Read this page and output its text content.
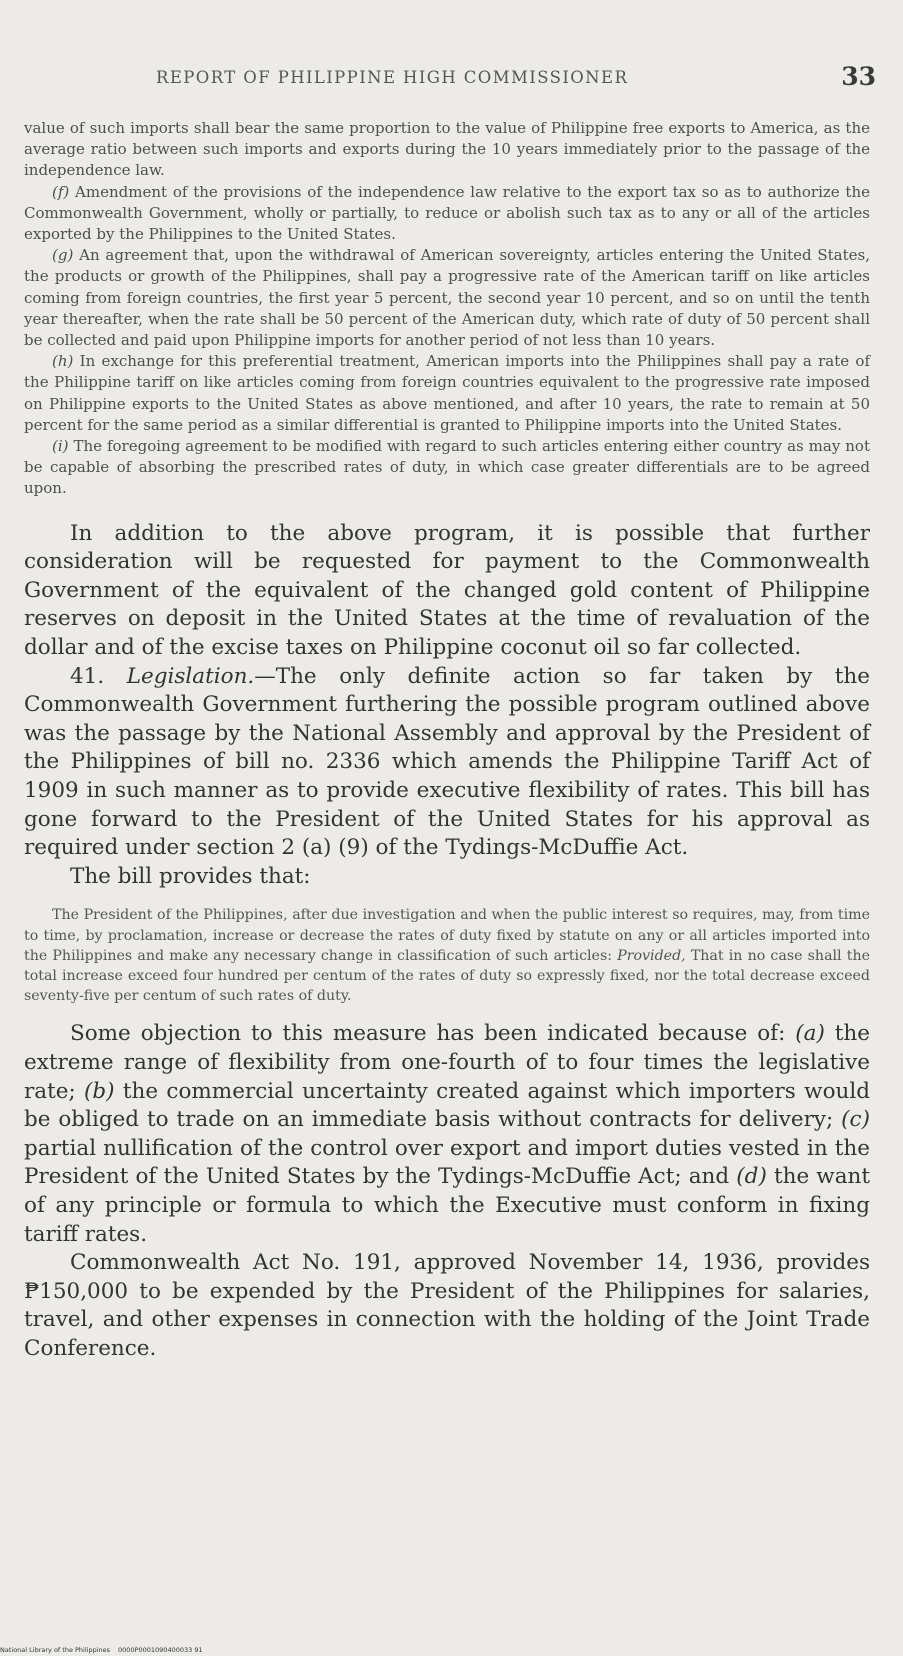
REPORT OF PHILIPPINE HIGH COMMISSIONER	33

value of such imports shall bear the same proportion to the value of Philippine free exports to America, as the average ratio between such imports and exports during the 10 years immediately prior to the passage of the independence law.

(f) Amendment of the provisions of the independence law relative to the export tax so as to authorize the Commonwealth Government, wholly or partially, to reduce or abolish such tax as to any or all of the articles exported by the Philippines to the United States.

(g) An agreement that, upon the withdrawal of American sovereignty, articles entering the United States, the products or growth of the Philippines, shall pay a progressive rate of the American tariff on like articles coming from foreign countries, the first year 5 percent, the second year 10 percent, and so on until the tenth year thereafter, when the rate shall be 50 percent of the American duty, which rate of duty of 50 percent shall be collected and paid upon Philippine imports for another period of not less than 10 years.

(h) In exchange for this preferential treatment, American imports into the Philippines shall pay a rate of the Philippine tariff on like articles coming from foreign countries equivalent to the progressive rate imposed on Philippine exports to the United States as above mentioned, and after 10 years, the rate to remain at 50 percent for the same period as a similar differential is granted to Philippine imports into the United States.

(i) The foregoing agreement to be modified with regard to such articles entering either country as may not be capable of absorbing the prescribed rates of duty, in which case greater differentials are to be agreed upon.

In addition to the above program, it is possible that further consideration will be requested for payment to the Commonwealth Government of the equivalent of the changed gold content of Philippine reserves on deposit in the United States at the time of revaluation of the dollar and of the excise taxes on Philippine coconut oil so far collected.

41. Legislation.—The only definite action so far taken by the Commonwealth Government furthering the possible program outlined above was the passage by the National Assembly and approval by the President of the Philippines of bill no. 2336 which amends the Philippine Tariff Act of 1909 in such manner as to provide executive flexibility of rates. This bill has gone forward to the President of the United States for his approval as required under section 2 (a) (9) of the Tydings-McDuffie Act.

The bill provides that:

The President of the Philippines, after due investigation and when the public interest so requires, may, from time to time, by proclamation, increase or decrease the rates of duty fixed by statute on any or all articles imported into the Philippines and make any necessary change in classification of such articles: Provided, That in no case shall the total increase exceed four hundred per centum of the rates of duty so expressly fixed, nor the total decrease exceed seventy-five per centum of such rates of duty.

Some objection to this measure has been indicated because of: (a) the extreme range of flexibility from one-fourth of to four times the legislative rate; (b) the commercial uncertainty created against which importers would be obliged to trade on an immediate basis without contracts for delivery; (c) partial nullification of the control over export and import duties vested in the President of the United States by the Tydings-McDuffie Act; and (d) the want of any principle or formula to which the Executive must conform in fixing tariff rates.

Commonwealth Act No. 191, approved November 14, 1936, provides ₱150,000 to be expended by the President of the Philippines for salaries, travel, and other expenses in connection with the holding of the Joint Trade Conference.

National Library of the Philippines 0000P0001090400033 91
